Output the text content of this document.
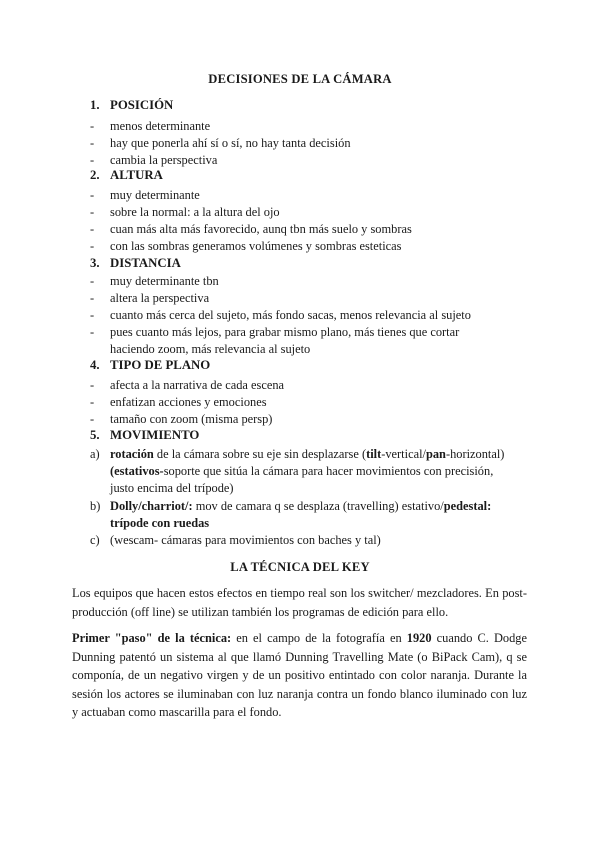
DECISIONES DE LA CÁMARA
1. POSICIÓN
- menos determinante
- hay que ponerla ahí sí o sí, no hay tanta decisión
- cambia la perspectiva
2. ALTURA
- muy determinante
- sobre la normal: a la altura del ojo
- cuan más alta más favorecido, aunq tbn más suelo y sombras
- con las sombras generamos volúmenes y sombras esteticas
3. DISTANCIA
- muy determinante tbn
- altera la perspectiva
- cuanto más cerca del sujeto, más fondo sacas, menos relevancia al sujeto
- pues cuanto más lejos, para grabar mismo plano, más tienes que cortar
haciendo zoom, más relevancia al sujeto
4. TIPO DE PLANO
- afecta a la narrativa de cada escena
- enfatizan acciones y emociones
- tamaño con zoom (misma persp)
5. MOVIMIENTO
a) rotación de la cámara sobre su eje sin desplazarse (tilt-vertical/pan-horizontal)
(estativos-soporte que sitúa la cámara para hacer movimientos con precisión,
justo encima del trípode)
b) Dolly/charriot/: mov de camara q se desplaza (travelling) estativo/pedestal:
trípode con ruedas
c) (wescam- cámaras para movimientos con baches y tal)
LA TÉCNICA DEL KEY
Los equipos que hacen estos efectos en tiempo real son los switcher/ mezcladores. En post-producción (off line) se utilizan también los programas de edición para ello.
Primer "paso" de la técnica: en el campo de la fotografía en 1920 cuando C. Dodge Dunning patentó un sistema al que llamó Dunning Travelling Mate (o BiPack Cam), q se componía, de un negativo virgen y de un positivo entintado con color naranja. Durante la sesión los actores se iluminaban con luz naranja contra un fondo blanco iluminado con luz y actuaban como mascarilla para el fondo.
